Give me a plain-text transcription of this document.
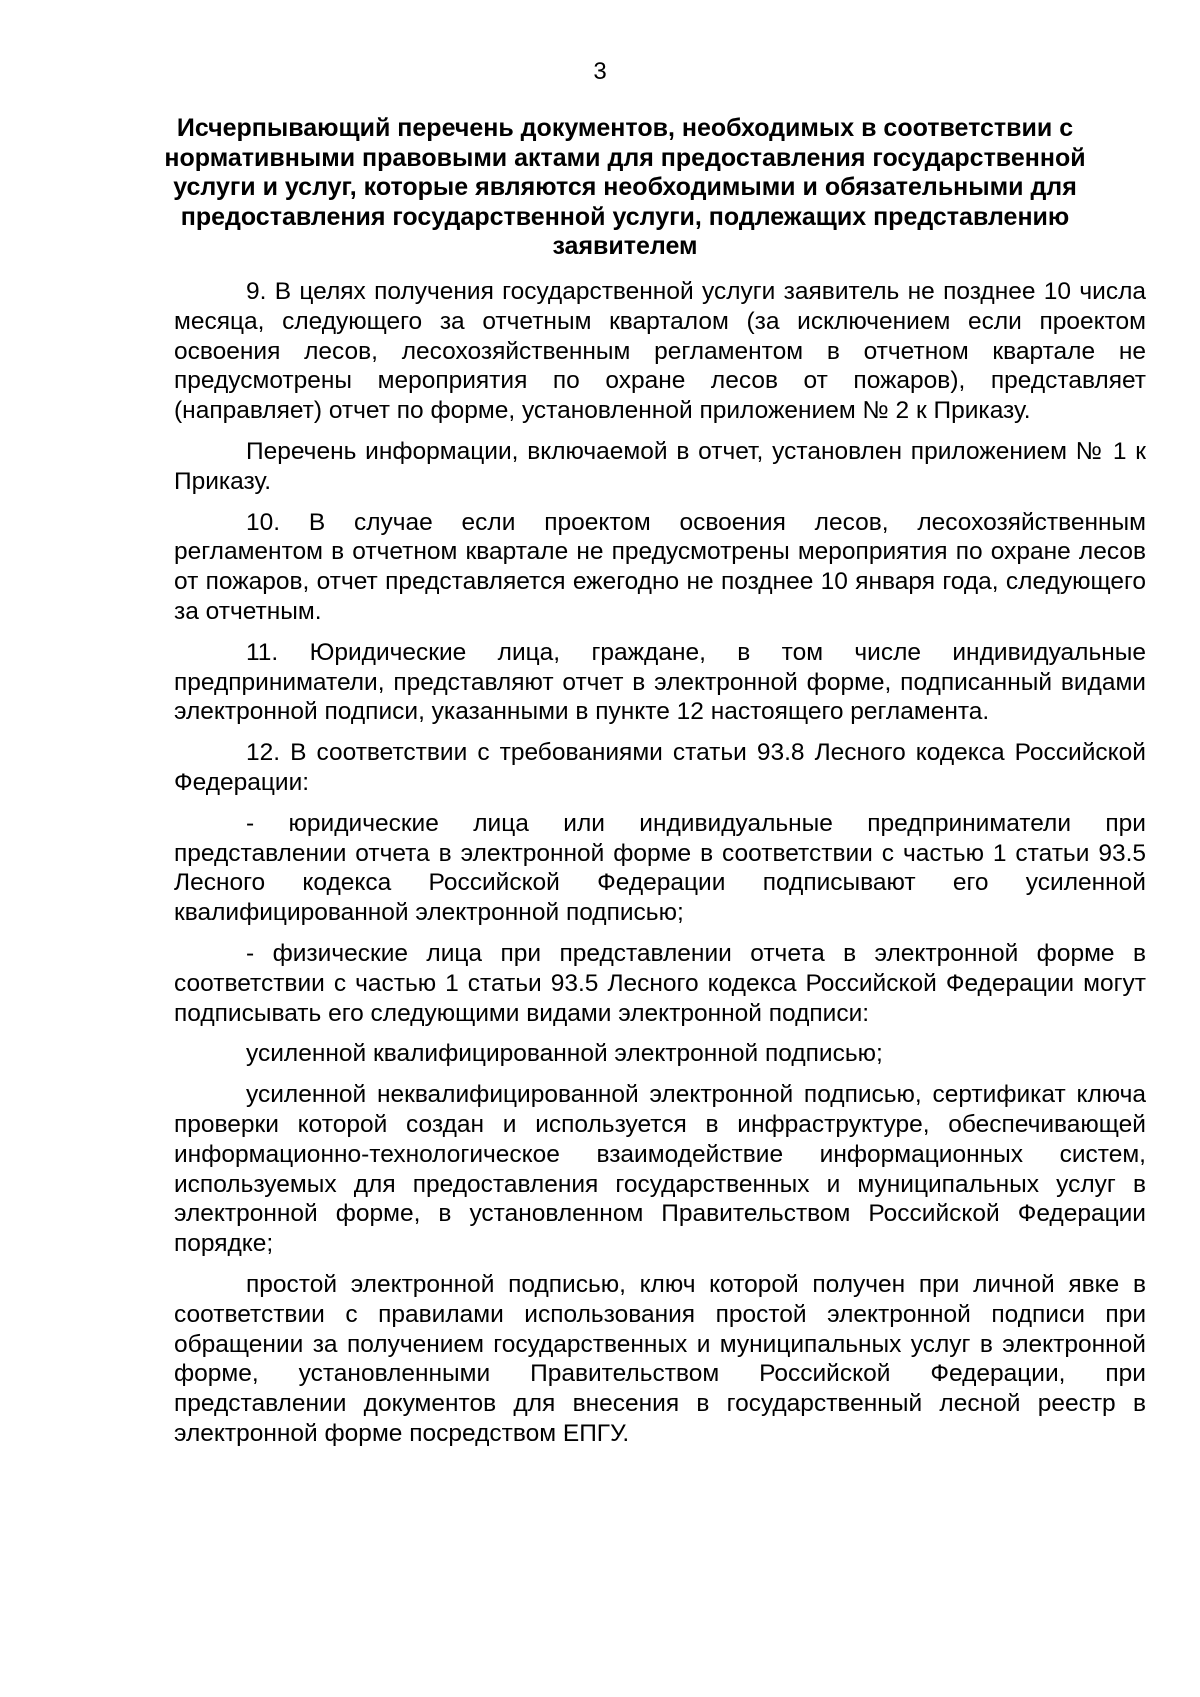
3
Исчерпывающий перечень документов, необходимых в соответствии с нормативными правовыми актами для предоставления государственной услуги и услуг, которые являются необходимыми и обязательными для предоставления государственной услуги, подлежащих представлению заявителем

9. В целях получения государственной услуги заявитель не позднее 10 числа месяца, следующего за отчетным кварталом (за исключением если проектом освоения лесов, лесохозяйственным регламентом в отчетном квартале не предусмотрены мероприятия по охране лесов от пожаров), представляет (направляет) отчет по форме, установленной приложением № 2 к Приказу.

Перечень информации, включаемой в отчет, установлен приложением № 1 к Приказу.

10. В случае если проектом освоения лесов, лесохозяйственным регламентом в отчетном квартале не предусмотрены мероприятия по охране лесов от пожаров, отчет представляется ежегодно не позднее 10 января года, следующего за отчетным.

11. Юридические лица, граждане, в том числе индивидуальные предприниматели, представляют отчет в электронной форме, подписанный видами электронной подписи, указанными в пункте 12 настоящего регламента.

12. В соответствии с требованиями статьи 93.8 Лесного кодекса Российской Федерации:

- юридические лица или индивидуальные предприниматели при представлении отчета в электронной форме в соответствии с частью 1 статьи 93.5 Лесного кодекса Российской Федерации подписывают его усиленной квалифицированной электронной подписью;

- физические лица при представлении отчета в электронной форме в соответствии с частью 1 статьи 93.5 Лесного кодекса Российской Федерации могут подписывать его следующими видами электронной подписи:

усиленной квалифицированной электронной подписью;

усиленной неквалифицированной электронной подписью, сертификат ключа проверки которой создан и используется в инфраструктуре, обеспечивающей информационно-технологическое взаимодействие информационных систем, используемых для предоставления государственных и муниципальных услуг в электронной форме, в установленном Правительством Российской Федерации порядке;

простой электронной подписью, ключ которой получен при личной явке в соответствии с правилами использования простой электронной подписи при обращении за получением государственных и муниципальных услуг в электронной форме, установленными Правительством Российской Федерации, при представлении документов для внесения в государственный лесной реестр в электронной форме посредством ЕПГУ.
